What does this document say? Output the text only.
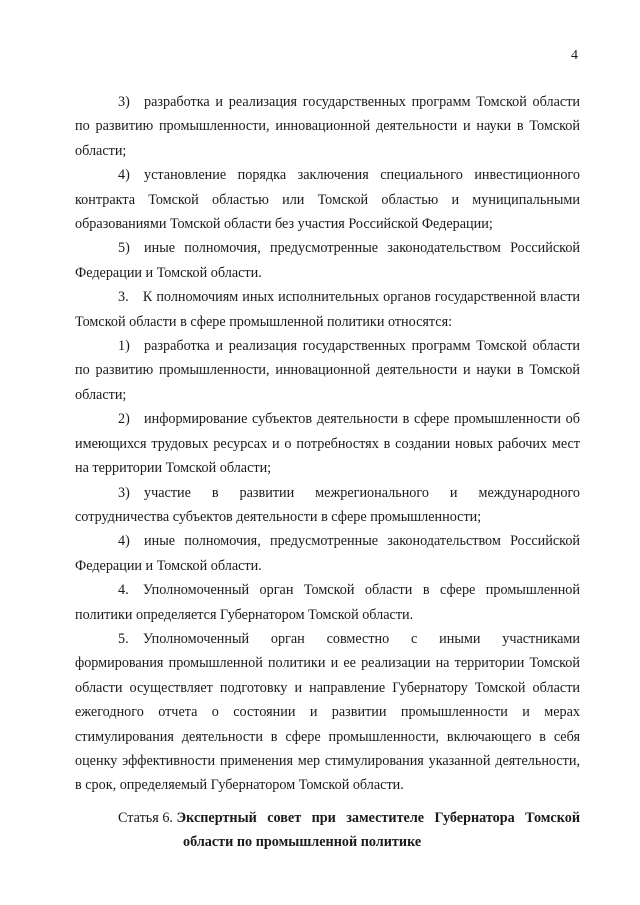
4

3) разработка и реализация государственных программ Томской области по развитию промышленности, инновационной деятельности и науки в Томской области;

4) установление порядка заключения специального инвестиционного контракта Томской областью или Томской областью и муниципальными образованиями Томской области без участия Российской Федерации;

5) иные полномочия, предусмотренные законодательством Российской Федерации и Томской области.

3. К полномочиям иных исполнительных органов государственной власти Томской области в сфере промышленной политики относятся:

1) разработка и реализация государственных программ Томской области по развитию промышленности, инновационной деятельности и науки в Томской области;

2) информирование субъектов деятельности в сфере промышленности об имеющихся трудовых ресурсах и о потребностях в создании новых рабочих мест на территории Томской области;

3) участие в развитии межрегионального и международного сотрудничества субъектов деятельности в сфере промышленности;

4) иные полномочия, предусмотренные законодательством Российской Федерации и Томской области.

4. Уполномоченный орган Томской области в сфере промышленной политики определяется Губернатором Томской области.

5. Уполномоченный орган совместно с иными участниками формирования промышленной политики и ее реализации на территории Томской области осуществляет подготовку и направление Губернатору Томской области ежегодного отчета о состоянии и развитии промышленности и мерах стимулирования деятельности в сфере промышленности, включающего в себя оценку эффективности применения мер стимулирования указанной деятельности, в срок, определяемый Губернатором Томской области.

Статья 6. Экспертный совет при заместителе Губернатора Томской
области по промышленной политике
